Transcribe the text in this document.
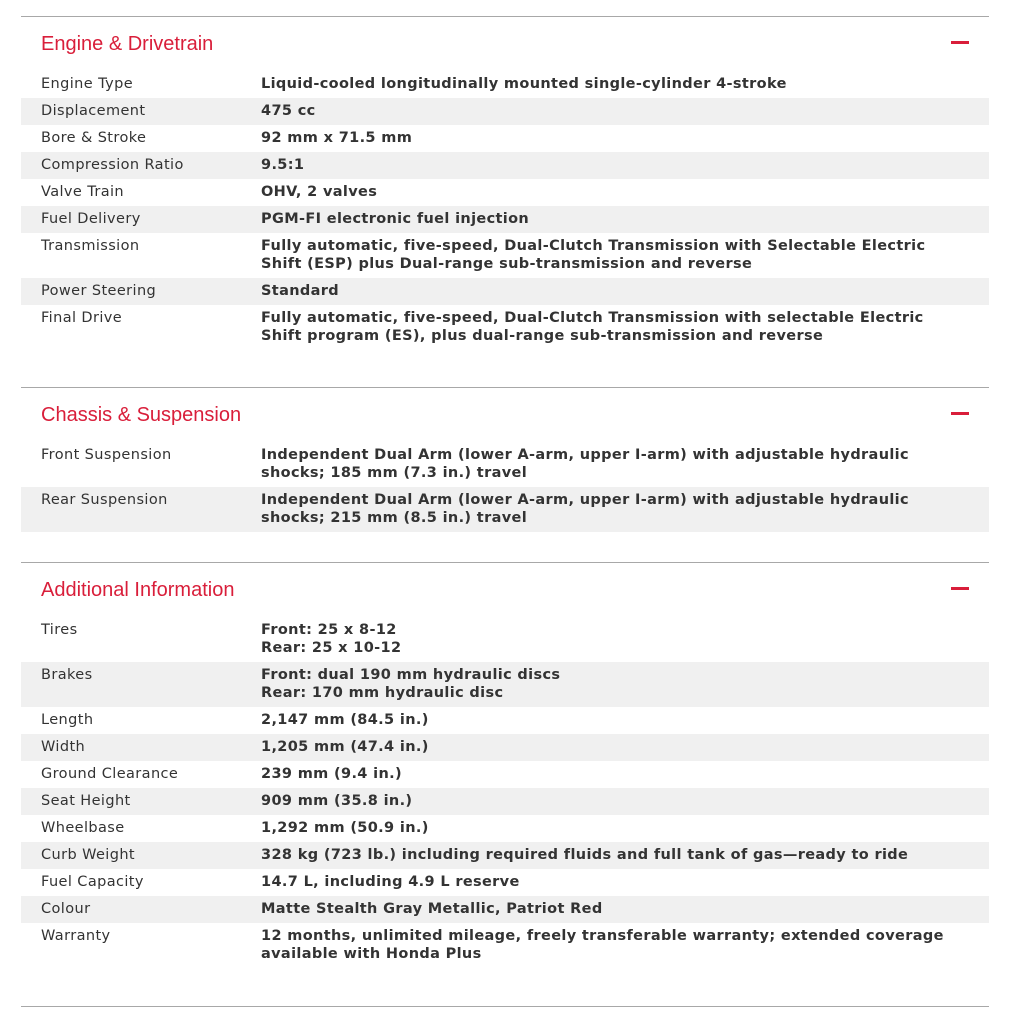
Engine & Drivetrain
Engine Type	Liquid-cooled longitudinally mounted single-cylinder 4-stroke
Displacement	475 cc
Bore & Stroke	92 mm x 71.5 mm
Compression Ratio	9.5:1
Valve Train	OHV, 2 valves
Fuel Delivery	PGM-FI electronic fuel injection
Transmission	Fully automatic, five-speed, Dual-Clutch Transmission with Selectable Electric Shift (ESP) plus Dual-range sub-transmission and reverse
Power Steering	Standard
Final Drive	Fully automatic, five-speed, Dual-Clutch Transmission with selectable Electric Shift program (ES), plus dual-range sub-transmission and reverse
Chassis & Suspension
Front Suspension	Independent Dual Arm (lower A-arm, upper I-arm) with adjustable hydraulic shocks; 185 mm (7.3 in.) travel
Rear Suspension	Independent Dual Arm (lower A-arm, upper I-arm) with adjustable hydraulic shocks; 215 mm (8.5 in.) travel
Additional Information
Tires	Front: 25 x 8-12
Rear: 25 x 10-12
Brakes	Front: dual 190 mm hydraulic discs
Rear: 170 mm hydraulic disc
Length	2,147 mm (84.5 in.)
Width	1,205 mm (47.4 in.)
Ground Clearance	239 mm (9.4 in.)
Seat Height	909 mm (35.8 in.)
Wheelbase	1,292 mm (50.9 in.)
Curb Weight	328 kg (723 lb.) including required fluids and full tank of gas—ready to ride
Fuel Capacity	14.7 L, including 4.9 L reserve
Colour	Matte Stealth Gray Metallic, Patriot Red
Warranty	12 months, unlimited mileage, freely transferable warranty; extended coverage available with Honda Plus
